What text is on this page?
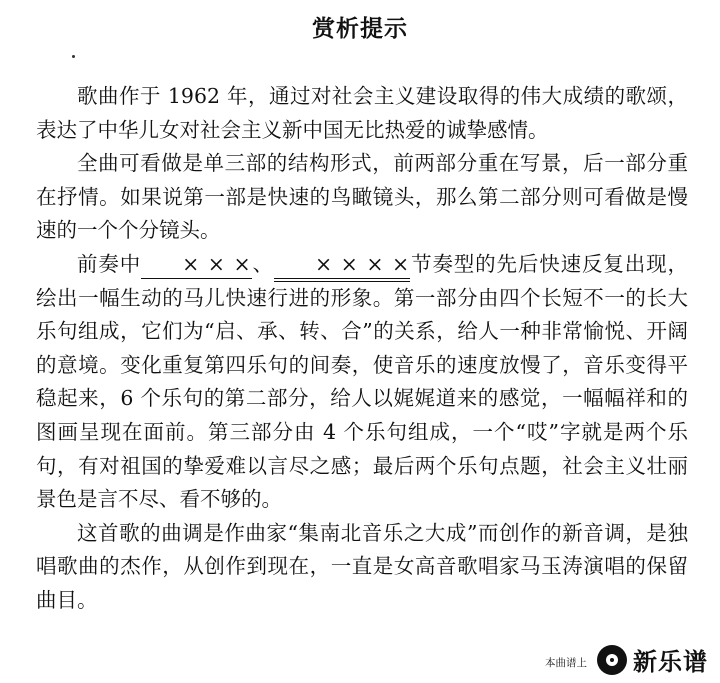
赏析提示

歌曲作于 1962 年，通过对社会主义建设取得的伟大成绩的歌颂，表达了中华儿女对社会主义新中国无比热爱的诚挚感情。

全曲可看做是单三部的结构形式，前两部分重在写景，后一部分重在抒情。如果说第一部是快速的鸟瞰镜头，那么第二部分则可看做是慢速的一个个分镜头。

前奏中 × × ×
、 × × × ×
节奏型的先后快速反复出现，绘出一幅生动的马儿快速行进的形象。第一部分由四个长短不一的长大乐句组成，它们为“启、承、转、合”的关系，给人一种非常愉悦、开阔的意境。变化重复第四乐句的间奏，使音乐的速度放慢了，音乐变得平稳起来，6 个乐句的第二部分，给人以娓娓道来的感觉，一幅幅祥和的图画呈现在面前。第三部分由 4 个乐句组成，一个“哎”字就是两个乐句，有对祖国的挚爱难以言尽之感；最后两个乐句点题，社会主义壮丽景色是言不尽、看不够的。

这首歌的曲调是作曲家“集南北音乐之大成”而创作的新音调，是独唱歌曲的杰作，从创作到现在，一直是女高音歌唱家马玉涛演唱的保留曲目。

本曲谱上 新乐谱
